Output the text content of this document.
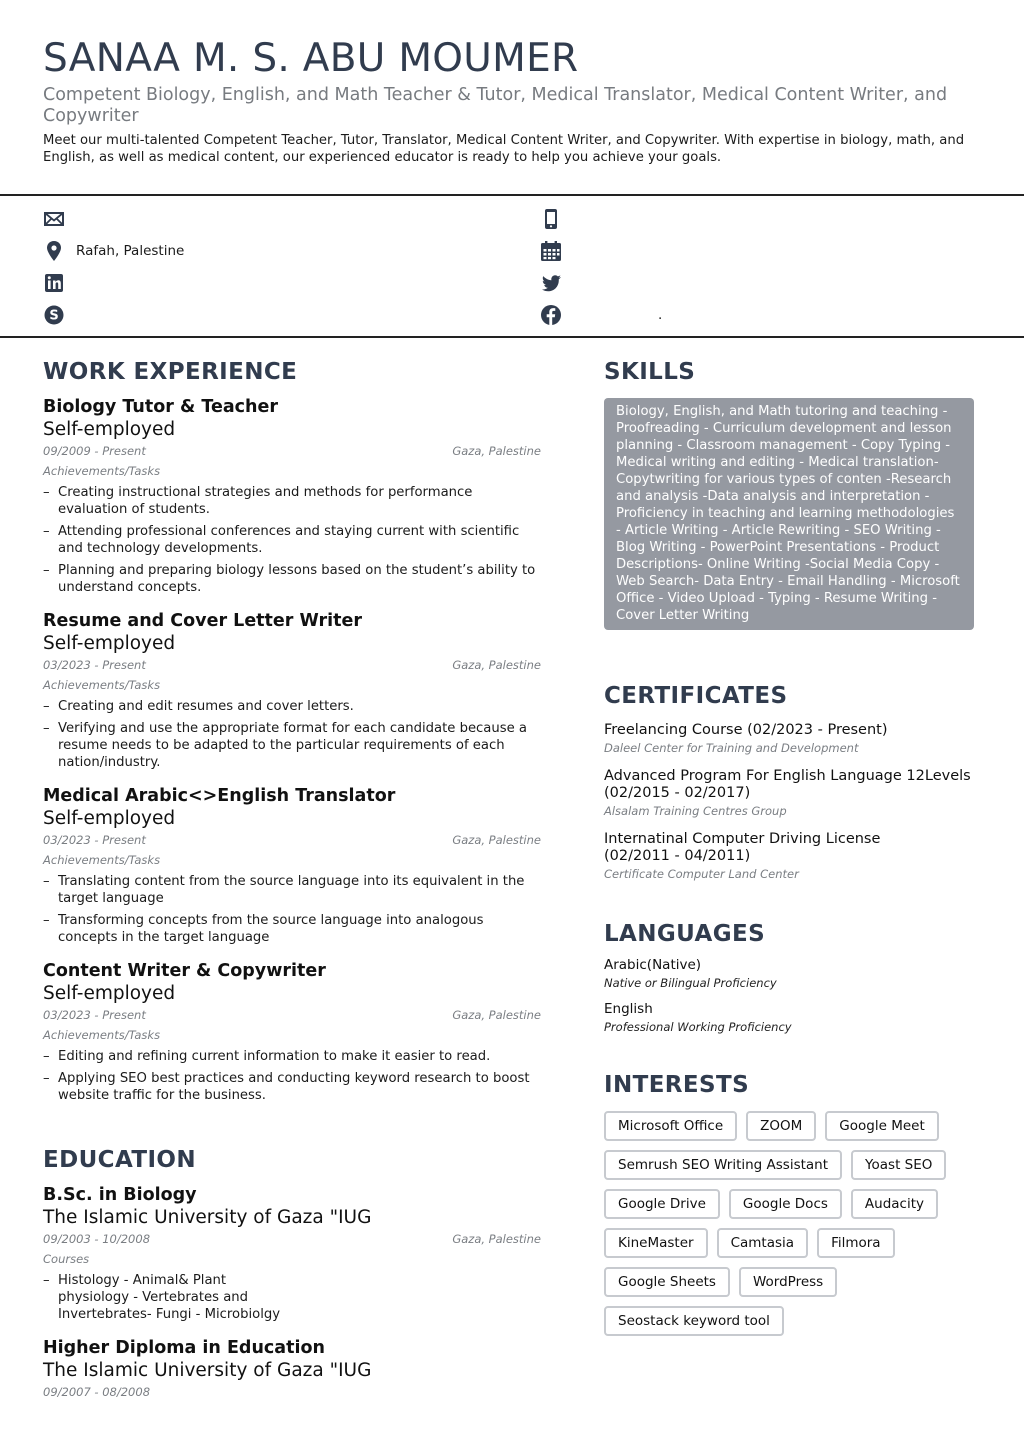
SANAA M. S. ABU MOUMER
Competent Biology, English, and Math Teacher & Tutor, Medical Translator, Medical Content Writer, and Copywriter
Meet our multi-talented Competent Teacher, Tutor, Translator, Medical Content Writer, and Copywriter. With expertise in biology, math, and English, as well as medical content, our experienced educator is ready to help you achieve your goals.
Rafah, Palestine
S	.
WORK EXPERIENCE
Biology Tutor & Teacher
Self-employed
09/2009 - Present	Gaza, Palestine
Achievements/Tasks
– Creating instructional strategies and methods for performance evaluation of students.
– Attending professional conferences and staying current with scientific and technology developments.
– Planning and preparing biology lessons based on the student’s ability to understand concepts.
Resume and Cover Letter Writer
Self-employed
03/2023 - Present	Gaza, Palestine
Achievements/Tasks
– Creating and edit resumes and cover letters.
– Verifying and use the appropriate format for each candidate because a resume needs to be adapted to the particular requirements of each nation/industry.
Medical Arabic<>English Translator
Self-employed
03/2023 - Present	Gaza, Palestine
Achievements/Tasks
– Translating content from the source language into its equivalent in the target language
– Transforming concepts from the source language into analogous concepts in the target language
Content Writer & Copywriter
Self-employed
03/2023 - Present	Gaza, Palestine
Achievements/Tasks
– Editing and refining current information to make it easier to read.
– Applying SEO best practices and conducting keyword research to boost website traffic for the business.
EDUCATION
B.Sc. in Biology
The Islamic University of Gaza "IUG
09/2003 - 10/2008	Gaza, Palestine
Courses
– Histology - Animal& Plant physiology - Vertebrates and Invertebrates- Fungi - Microbiolgy
Higher Diploma in Education
The Islamic University of Gaza "IUG
09/2007 - 08/2008
SKILLS
Biology, English, and Math tutoring and teaching - Proofreading - Curriculum development and lesson planning - Classroom management - Copy Typing - Medical writing and editing - Medical translation- Copytwriting for various types of conten -Research and analysis -Data analysis and interpretation - Proficiency in teaching and learning methodologies - Article Writing - Article Rewriting - SEO Writing - Blog Writing - PowerPoint Presentations - Product Descriptions- Online Writing -Social Media Copy - Web Search- Data Entry - Email Handling - Microsoft Office - Video Upload - Typing - Resume Writing - Cover Letter Writing
CERTIFICATES
Freelancing Course (02/2023 - Present)
Daleel Center for Training and Development
Advanced Program For English Language 12Levels
(02/2015 - 02/2017)
Alsalam Training Centres Group
Internatinal Computer Driving License
(02/2011 - 04/2011)
Certificate Computer Land Center
LANGUAGES
Arabic(Native)
Native or Bilingual Proficiency
English
Professional Working Proficiency
INTERESTS
Microsoft Office	ZOOM	Google Meet
Semrush SEO Writing Assistant	Yoast SEO
Google Drive	Google Docs	Audacity
KineMaster	Camtasia	Filmora
Google Sheets	WordPress
Seostack keyword tool
